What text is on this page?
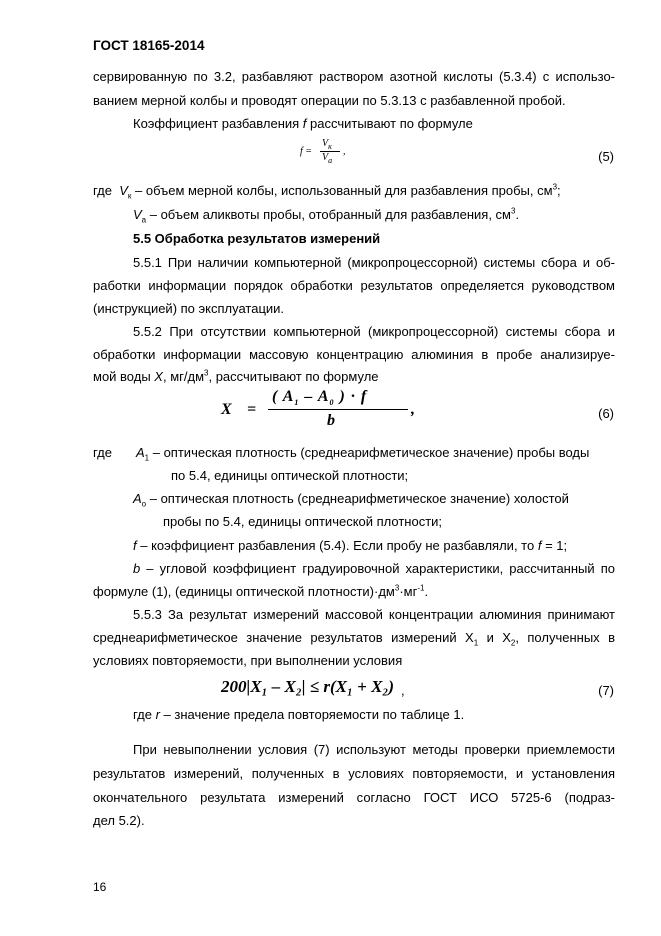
ГОСТ 18165-2014
сервированную по 3.2, разбавляют раствором азотной кислоты (5.3.4) с использо-
ванием мерной колбы и проводят операции по 5.3.13 с разбавленной пробой.
Коэффициент разбавления f рассчитывают по формуле
f =
$V_к$
$V_а$
,	(5)
где $V_к$ – объем мерной колбы, использованный для разбавления пробы, $см^3$;
$V_а$ – объем аликвоты пробы, отобранный для разбавления, $см^3$.
5.5 Обработка результатов измерений
5.5.1 При наличии компьютерной (микропроцессорной) системы сбора и об-
работки информации порядок обработки результатов определяется руководством
(инструкцией) по эксплуатации.
5.5.2 При отсутствии компьютерной (микропроцессорной) системы сбора и
обработки информации массовую концентрацию алюминия в пробе анализируе-
мой воды X, $мг/дм^3$, рассчитывают по формуле
X =
( $A_1 - A_0$ ) · f
b
,	(6)
где $A_1$ – оптическая плотность (среднеарифметическое значение) пробы воды
по 5.4, единицы оптической плотности;
$A_о$ – оптическая плотность (среднеарифметическое значение) холостой
пробы по 5.4, единицы оптической плотности;
f – коэффициент разбавления (5.4). Если пробу не разбавляли, то f = 1;
b – угловой коэффициент градуировочной характеристики, рассчитанный по
формуле (1), (единицы оптической $плотности)\cdot дм^3\cdot мг^{-1}$.
5.5.3 За результат измерений массовой концентрации алюминия принимают
среднеарифметическое значение результатов измерений $Х_1$ и $Х_2$, полученных в
условиях повторяемости, при выполнении условия
200|X₁ – X₂| ≤ r(X₁ + X₂) ,	(7)
где r – значение предела повторяемости по таблице 1.
При невыполнении условия (7) используют методы проверки приемлемости
результатов измерений, полученных в условиях повторяемости, и установления
окончательного результата измерений согласно ГОСТ ИСО 5725-6 (подраз-
дел 5.2).
16
